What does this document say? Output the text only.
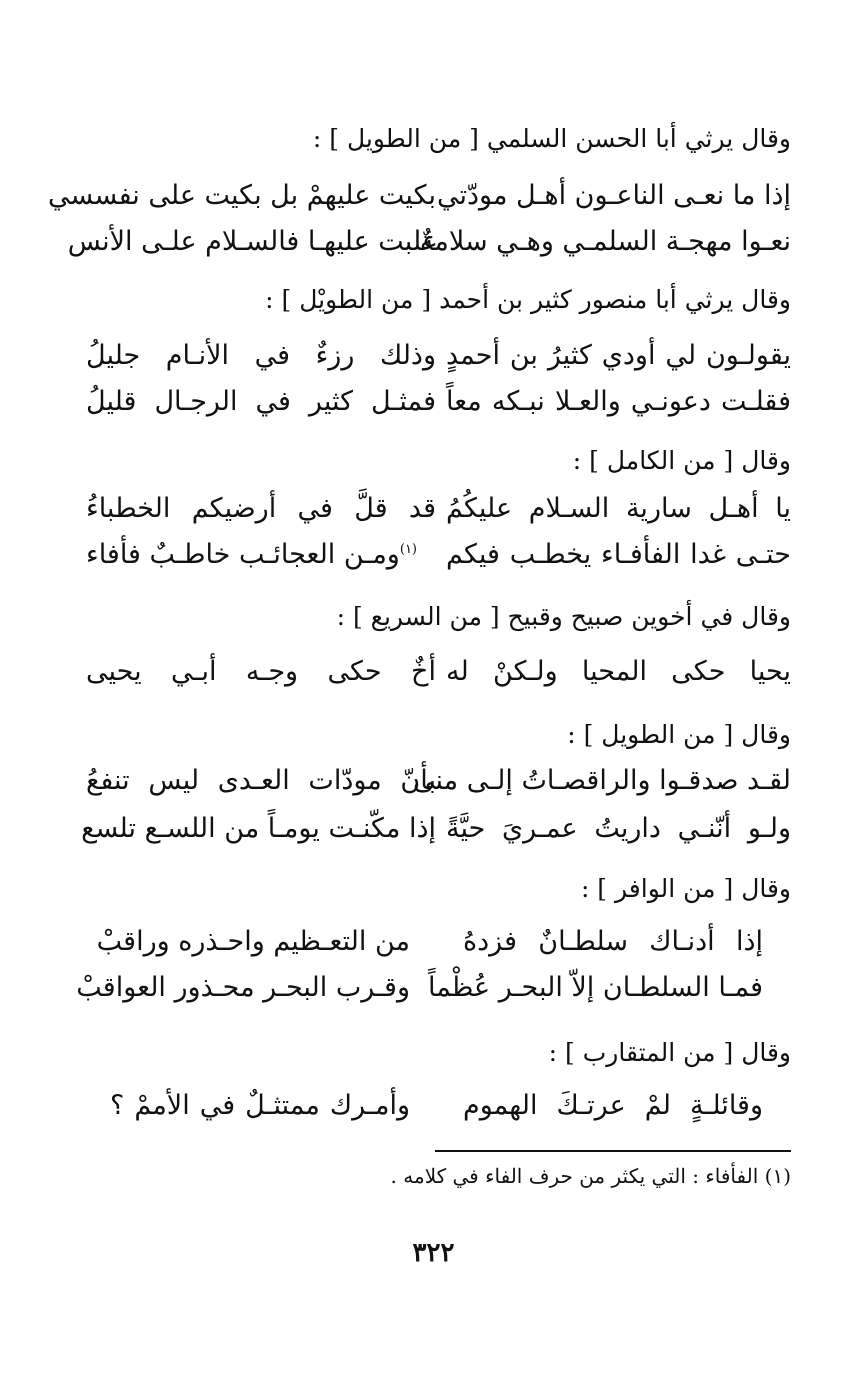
وقال يرثي أبا الحسن السلمي [ من الطويل ] :
إذا ما نعـى الناعـون أهـل مودّتي
بكيت عليهمْ بل بكيت على نفسسي
نعـوا مهجـة السلمـي وهـي سلامةٌ
غلبت عليهـا فالسـلام علـى الأنس
وقال يرثي أبا منصور كثير بن أحمد [ من الطويْل ] :
يقولـون لي أودي كثيرُ بن أحمدٍ
وذلك رزءٌ في الأنـام جليلُ
فقلـت دعونـي والعـلا نبـكه معاً
فمثـل كثير في الرجـال قليلُ
وقال [ من الكامل ] :
يا أهـل سارية السـلام عليكُمُ
قد قلَّ في أرضيكم الخطباءُ
حتـى غدا الفأفـاء يخطـب فيكم
$^{(١)}$ومـن العجائـب خاطـبٌ فأفاء
وقال في أخوين صبيح وقبيح [ من السريع ] :
يحيا حكى المحيا ولـكنْ له
أخٌ حكى وجـه أبـي يحيى
وقال [ من الطويل ] :
لقـد صدقـوا والراقصـاتُ إلـى منى
بأنّ مودّات العـدى ليس تنفعُ
ولـو أنّنـي داريتُ عمـريَ حيَّةً
إذا مكّنـت يومـاً من اللسـع تلسع
وقال [ من الوافر ] :
إذا أدنـاك سلطـانٌ فزدهُ
من التعـظيم واحـذره وراقبْ
فمـا السلطـان إلاّ البحـر عُظْماً
وقـرب البحـر محـذور العواقبْ
وقال [ من المتقارب ] :
وقائلـةٍ لمْ عرتـكَ الهموم
وأمـرك ممتثـلٌ في الأممْ ؟
(١) الفأفاء : التي يكثر من حرف الفاء في كلامه .
٣٢٢
